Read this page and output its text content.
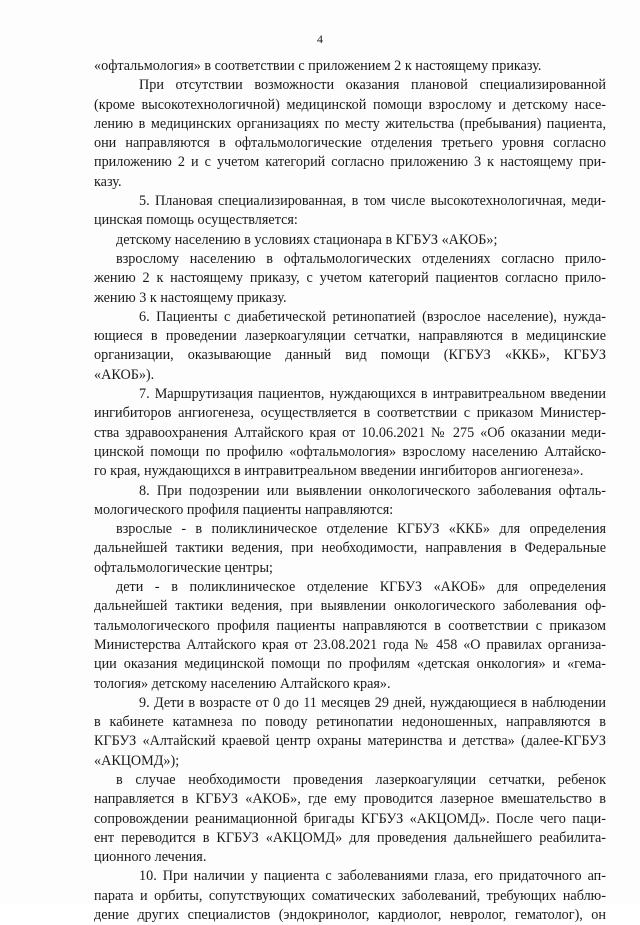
4
«офтальмология» в соответствии с приложением 2 к настоящему приказу.
При отсутствии возможности оказания плановой специализированной
(кроме высокотехнологичной) медицинской помощи взрослому и детскому насе-
лению в медицинских организациях по месту жительства (пребывания) пациента,
они направляются в офтальмологические отделения третьего уровня согласно
приложению 2 и с учетом категорий согласно приложению 3 к настоящему при-
казу.
5. Плановая специализированная, в том числе высокотехнологичная, меди-
цинская помощь осуществляется:
детскому населению в условиях стационара в КГБУЗ «АКОБ»;
взрослому населению в офтальмологических отделениях согласно прило-
жению 2 к настоящему приказу, с учетом категорий пациентов согласно прило-
жению 3 к настоящему приказу.
6. Пациенты с диабетической ретинопатией (взрослое население), нужда-
ющиеся в проведении лазеркоагуляции сетчатки, направляются в медицинские
организации, оказывающие данный вид помощи (КГБУЗ «ККБ», КГБУЗ
«АКОБ»).
7. Маршрутизация пациентов, нуждающихся в интравитреальном введении
ингибиторов ангиогенеза, осуществляется в соответствии с приказом Министер-
ства здравоохранения Алтайского края от 10.06.2021 № 275 «Об оказании меди-
цинской помощи по профилю «офтальмология» взрослому населению Алтайско-
го края, нуждающихся в интравитреальном введении ингибиторов ангиогенеза».
8. При подозрении или выявлении онкологического заболевания офталь-
мологического профиля пациенты направляются:
взрослые - в поликлиническое отделение КГБУЗ «ККБ» для определения
дальнейшей тактики ведения, при необходимости, направления в Федеральные
офтальмологические центры;
дети - в поликлиническое отделение КГБУЗ «АКОБ» для определения
дальнейшей тактики ведения, при выявлении онкологического заболевания оф-
тальмологического профиля пациенты направляются в соответствии с приказом
Министерства Алтайского края от 23.08.2021 года № 458 «О правилах организа-
ции оказания медицинской помощи по профилям «детская онкология» и «гема-
тология» детскому населению Алтайского края».
9. Дети в возрасте от 0 до 11 месяцев 29 дней, нуждающиеся в наблюдении
в кабинете катамнеза по поводу ретинопатии недоношенных, направляются в
КГБУЗ «Алтайский краевой центр охраны материнства и детства» (далее-КГБУЗ
«АКЦОМД»);
в случае необходимости проведения лазеркоагуляции сетчатки, ребенок
направляется в КГБУЗ «АКОБ», где ему проводится лазерное вмешательство в
сопровождении реанимационной бригады КГБУЗ «АКЦОМД». После чего паци-
ент переводится в КГБУЗ «АКЦОМД» для проведения дальнейшего реабилита-
ционного лечения.
10. При наличии у пациента с заболеваниями глаза, его придаточного ап-
парата и орбиты, сопутствующих соматических заболеваний, требующих наблю-
дение других специалистов (эндокринолог, кардиолог, невролог, гематолог), он
